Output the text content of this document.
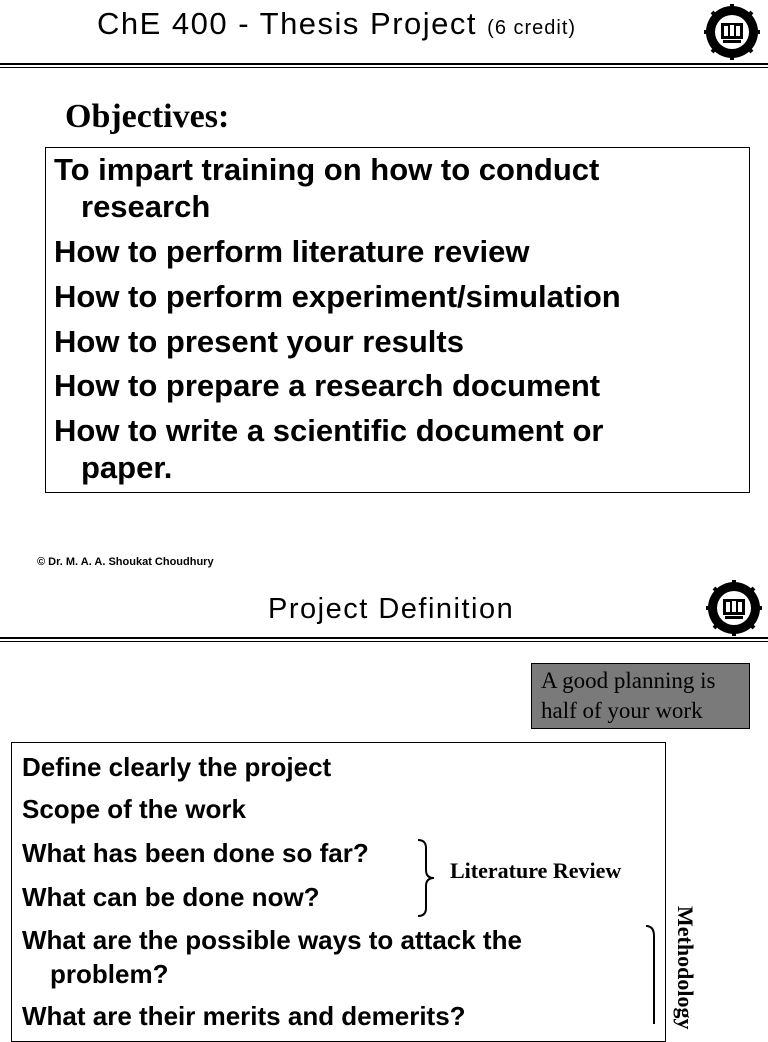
ChE 400 - Thesis Project (6 credit)
Objectives:
To impart training on how to conduct
research
How to perform literature review
How to perform experiment/simulation
How to present your results
How to prepare a research document
How to write a scientific document or
paper.
© Dr. M. A. A. Shoukat Choudhury
Project Definition
A good planning is half of your work
Define clearly the project
Scope of the work
What has been done so far?
What can be done now?
What are the possible ways to attack the
problem?
What are their merits and demerits?
Literature Review
Methodology
